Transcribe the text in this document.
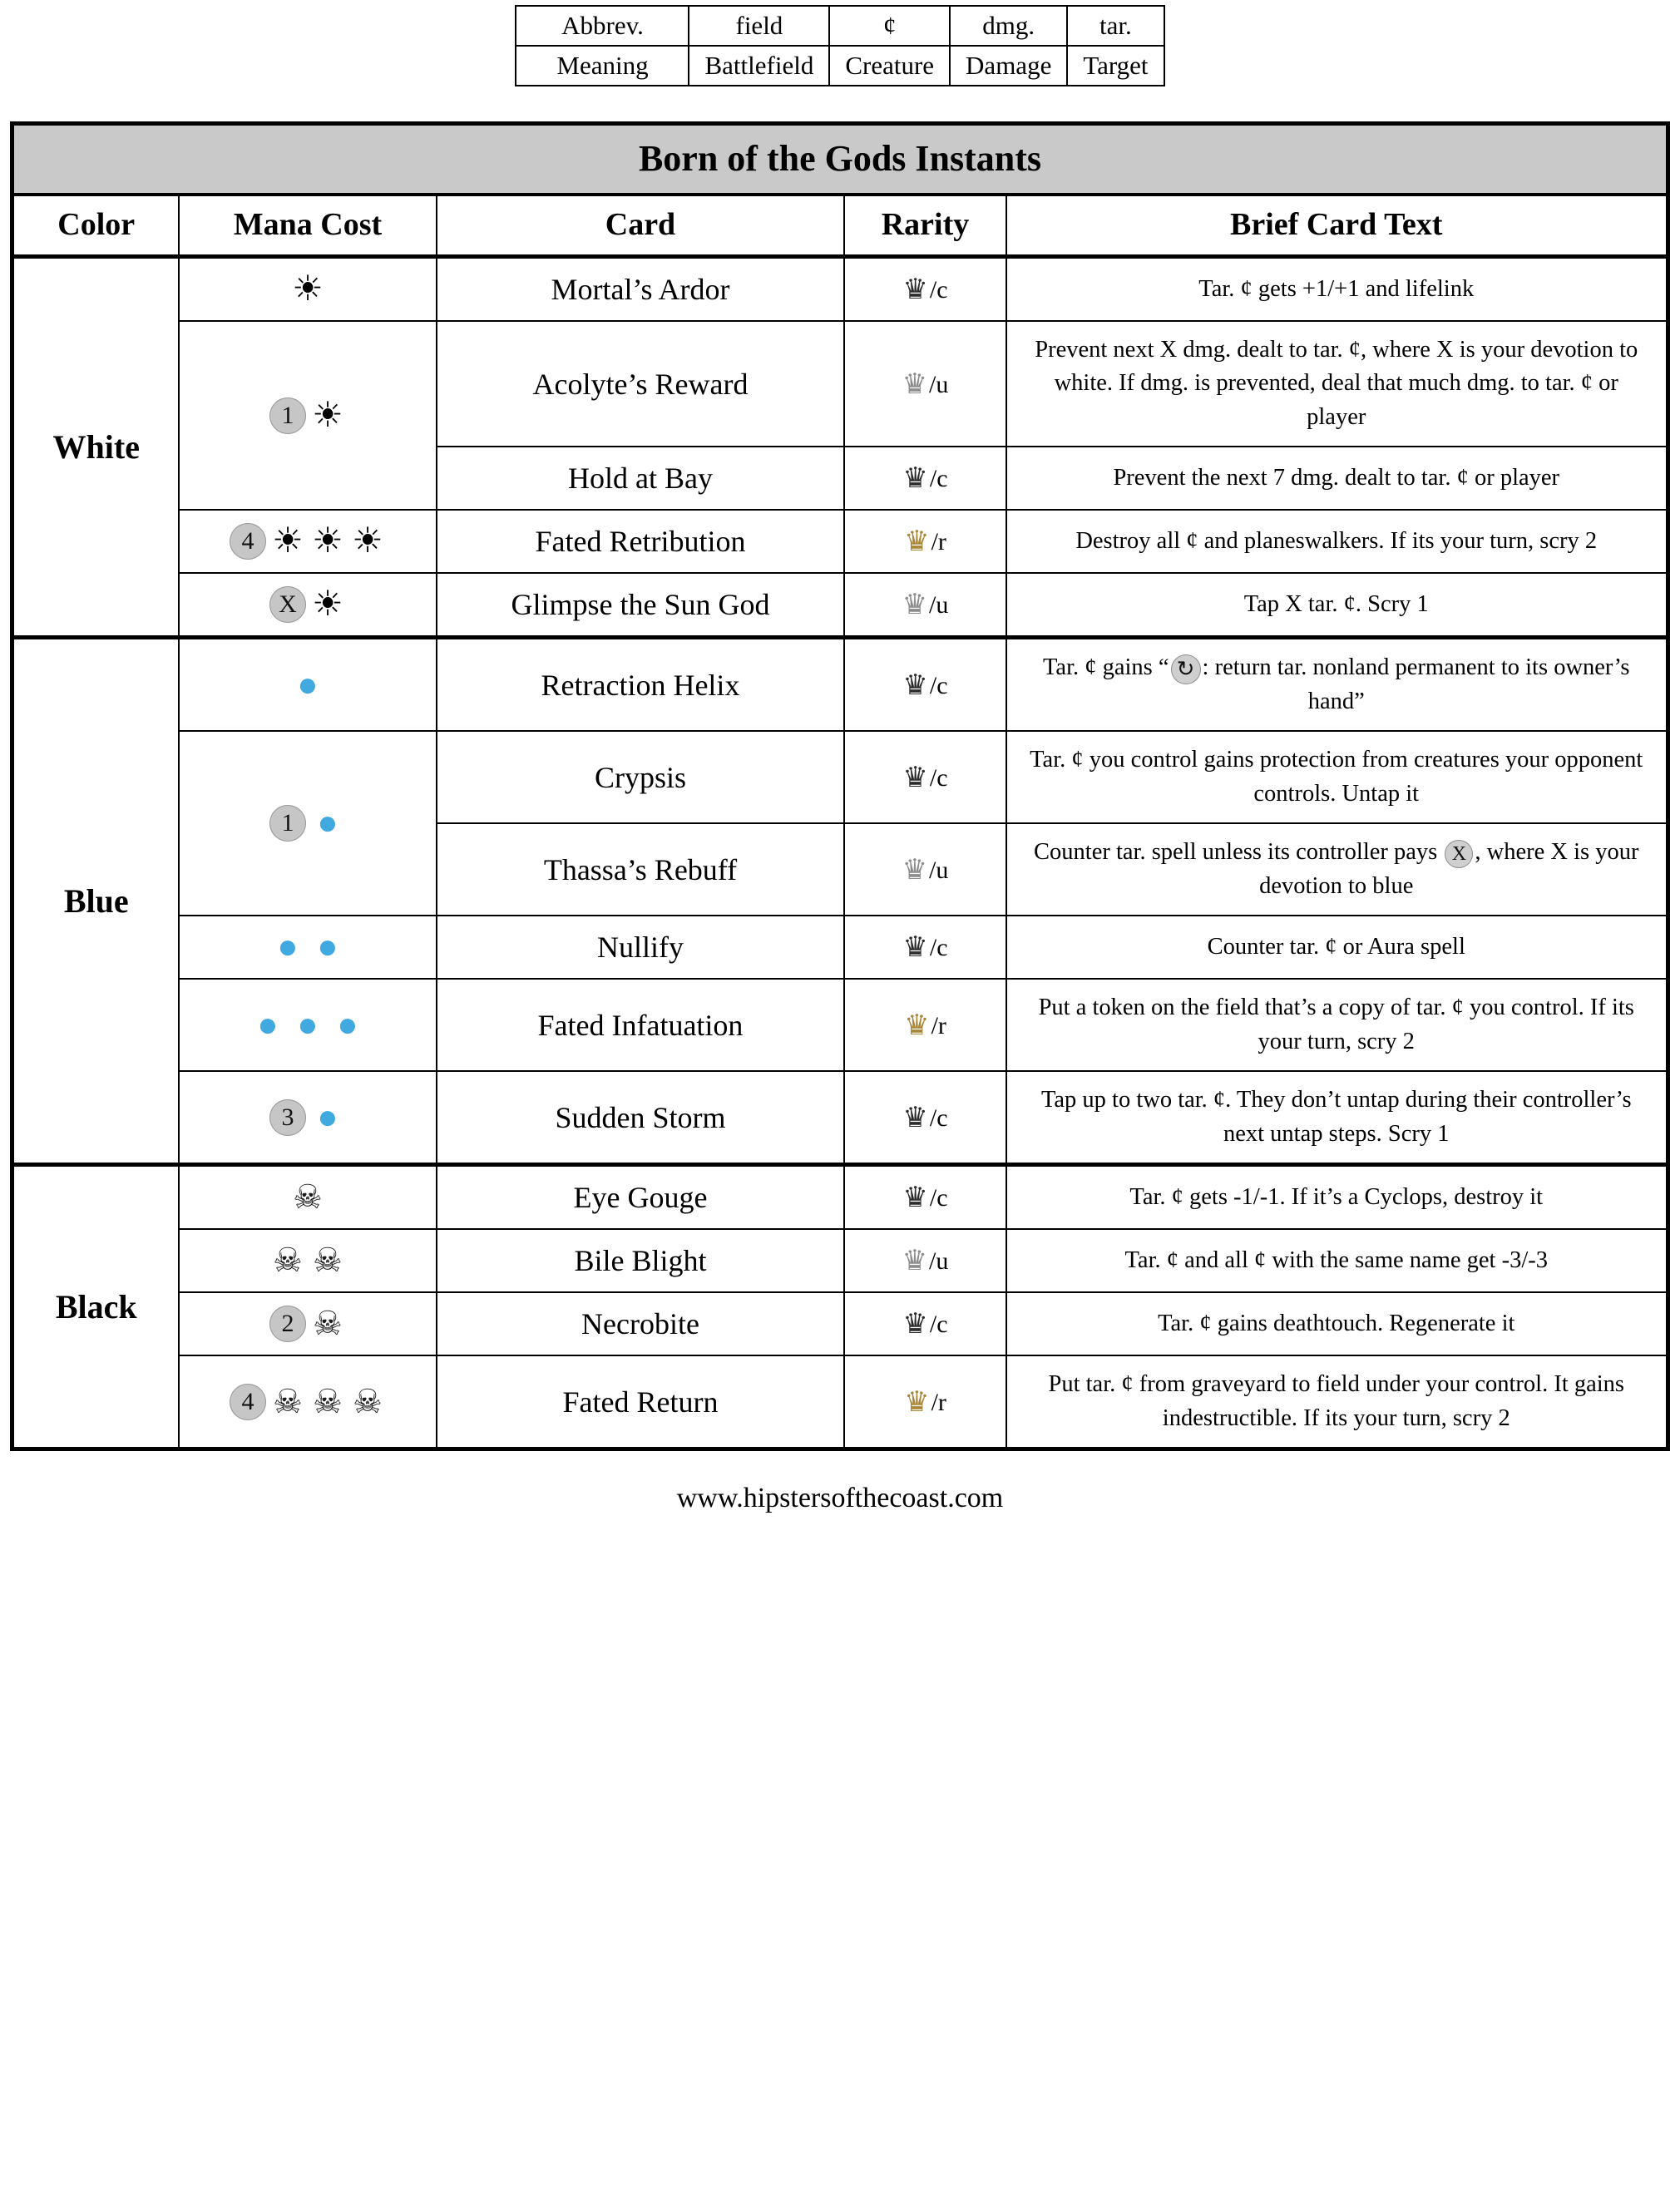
Abbrev.	field	¢	dmg.	tar.
Meaning	Battlefield	Creature	Damage	Target
Born of the Gods Instants				
Color	Mana Cost	Card	Rarity	Brief Card Text
White	☀	Mortal’s Ardor	♛/c	Tar. ¢ gets +1/+1 and lifelink
	1 ☀	Acolyte’s Reward	♛/u	Prevent next X dmg. dealt to tar. ¢, where X is your devotion to white. If dmg. is prevented, deal that much dmg. to tar. ¢ or player
		Hold at Bay	♛/c	Prevent the next 7 dmg. dealt to tar. ¢ or player
	4 ☀ ☀ ☀	Fated Retribution	♛/r	Destroy all ¢ and planeswalkers. If its your turn, scry 2
	X ☀	Glimpse the Sun God	♛/u	Tap X tar. ¢. Scry 1
Blue	●	Retraction Helix	♛/c	Tar. ¢ gains “ ↻ : return tar. nonland permanent to its owner’s hand”
	1 ●	Crypsis	♛/c	Tar. ¢ you control gains protection from creatures your opponent controls. Untap it
		Thassa’s Rebuff	♛/u	Counter tar. spell unless its controller pays X , where X is your devotion to blue
	● ●	Nullify	♛/c	Counter tar. ¢ or Aura spell
	● ● ●	Fated Infatuation	♛/r	Put a token on the field that’s a copy of tar. ¢ you control. If its your turn, scry 2
	3 ●	Sudden Storm	♛/c	Tap up to two tar. ¢. They don’t untap during their controller’s next untap steps. Scry 1
Black	☠	Eye Gouge	♛/c	Tar. ¢ gets -1/-1. If it’s a Cyclops, destroy it
	☠ ☠	Bile Blight	♛/u	Tar. ¢ and all ¢ with the same name get -3/-3
	2 ☠	Necrobite	♛/c	Tar. ¢ gains deathtouch. Regenerate it
	4 ☠ ☠ ☠	Fated Return	♛/r	Put tar. ¢ from graveyard to field under your control. It gains indestructible. If its your turn, scry 2
www.hipstersofthecoast.com
